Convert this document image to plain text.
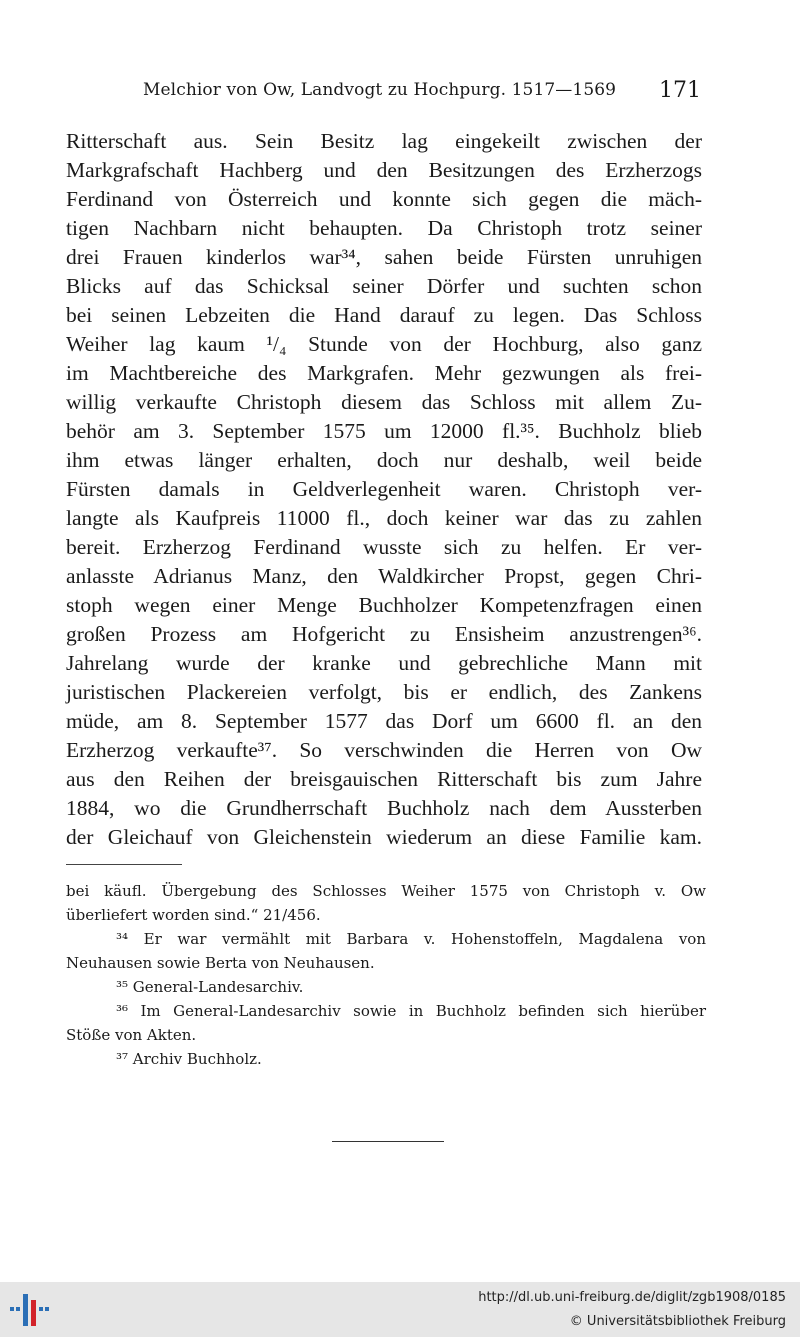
Melchior von Ow, Landvogt zu Hochpurg. 1517—1569 171
Ritterschaft aus. Sein Besitz lag eingekeilt zwischen der
Markgrafschaft Hachberg und den Besitzungen des Erzherzogs
Ferdinand von Österreich und konnte sich gegen die mäch-
tigen Nachbarn nicht behaupten. Da Christoph trotz seiner
drei Frauen kinderlos war³⁴, sahen beide Fürsten unruhigen
Blicks auf das Schicksal seiner Dörfer und suchten schon
bei seinen Lebzeiten die Hand darauf zu legen. Das Schloss
Weiher lag kaum ¹/₄ Stunde von der Hochburg, also ganz
im Machtbereiche des Markgrafen. Mehr gezwungen als frei-
willig verkaufte Christoph diesem das Schloss mit allem Zu-
behör am 3. September 1575 um 12000 fl.³⁵. Buchholz blieb
ihm etwas länger erhalten, doch nur deshalb, weil beide
Fürsten damals in Geldverlegenheit waren. Christoph ver-
langte als Kaufpreis 11000 fl., doch keiner war das zu zahlen
bereit. Erzherzog Ferdinand wusste sich zu helfen. Er ver-
anlasste Adrianus Manz, den Waldkircher Propst, gegen Chri-
stoph wegen einer Menge Buchholzer Kompetenzfragen einen
großen Prozess am Hofgericht zu Ensisheim anzustrengen³⁶.
Jahrelang wurde der kranke und gebrechliche Mann mit
juristischen Plackereien verfolgt, bis er endlich, des Zankens
müde, am 8. September 1577 das Dorf um 6600 fl. an den
Erzherzog verkaufte³⁷. So verschwinden die Herren von Ow
aus den Reihen der breisgauischen Ritterschaft bis zum Jahre
1884, wo die Grundherrschaft Buchholz nach dem Aussterben
der Gleichauf von Gleichenstein wiederum an diese Familie kam.
bei käufl. Übergebung des Schlosses Weiher 1575 von Christoph v. Ow
überliefert worden sind.“ 21/456.
³⁴ Er war vermählt mit Barbara v. Hohenstoffeln, Magdalena von
Neuhausen sowie Berta von Neuhausen.
³⁵ General-Landesarchiv.
³⁶ Im General-Landesarchiv sowie in Buchholz befinden sich hierüber
Stöße von Akten.
³⁷ Archiv Buchholz.
http://dl.ub.uni-freiburg.de/diglit/zgb1908/0185
© Universitätsbibliothek Freiburg
